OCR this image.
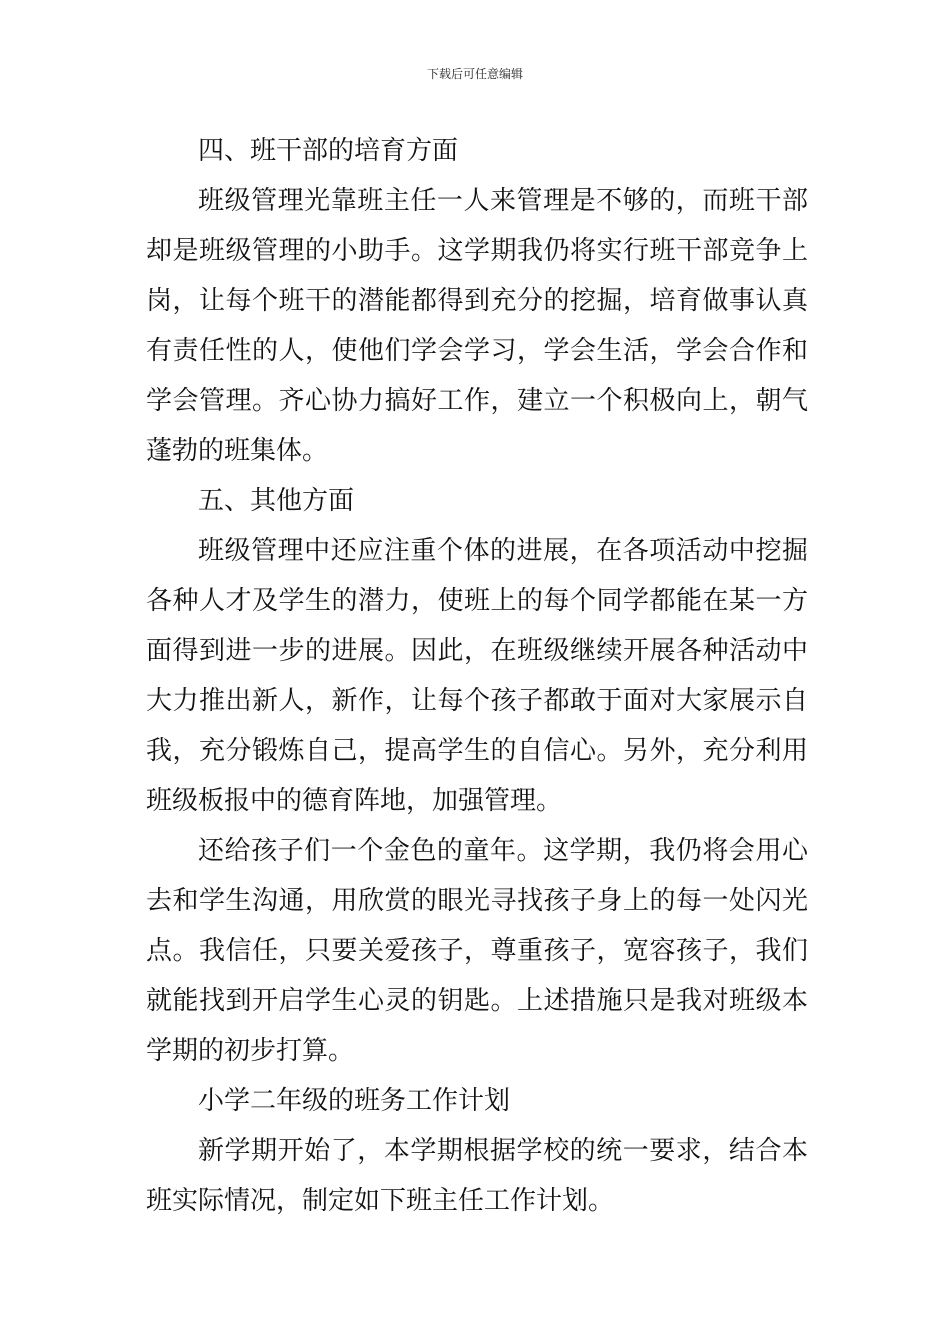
下载后可任意编辑

四、班干部的培育方面

班级管理光靠班主任一人来管理是不够的，而班干部却是班级管理的小助手。这学期我仍将实行班干部竞争上岗，让每个班干的潜能都得到充分的挖掘，培育做事认真有责任性的人，使他们学会学习，学会生活，学会合作和学会管理。齐心协力搞好工作，建立一个积极向上，朝气蓬勃的班集体。

五、其他方面

班级管理中还应注重个体的进展，在各项活动中挖掘各种人才及学生的潜力，使班上的每个同学都能在某一方面得到进一步的进展。因此，在班级继续开展各种活动中大力推出新人，新作，让每个孩子都敢于面对大家展示自我，充分锻炼自己，提高学生的自信心。另外，充分利用班级板报中的德育阵地，加强管理。

还给孩子们一个金色的童年。这学期，我仍将会用心去和学生沟通，用欣赏的眼光寻找孩子身上的每一处闪光点。我信任，只要关爱孩子，尊重孩子，宽容孩子，我们就能找到开启学生心灵的钥匙。上述措施只是我对班级本学期的初步打算。

小学二年级的班务工作计划

新学期开始了，本学期根据学校的统一要求，结合本班实际情况，制定如下班主任工作计划。
